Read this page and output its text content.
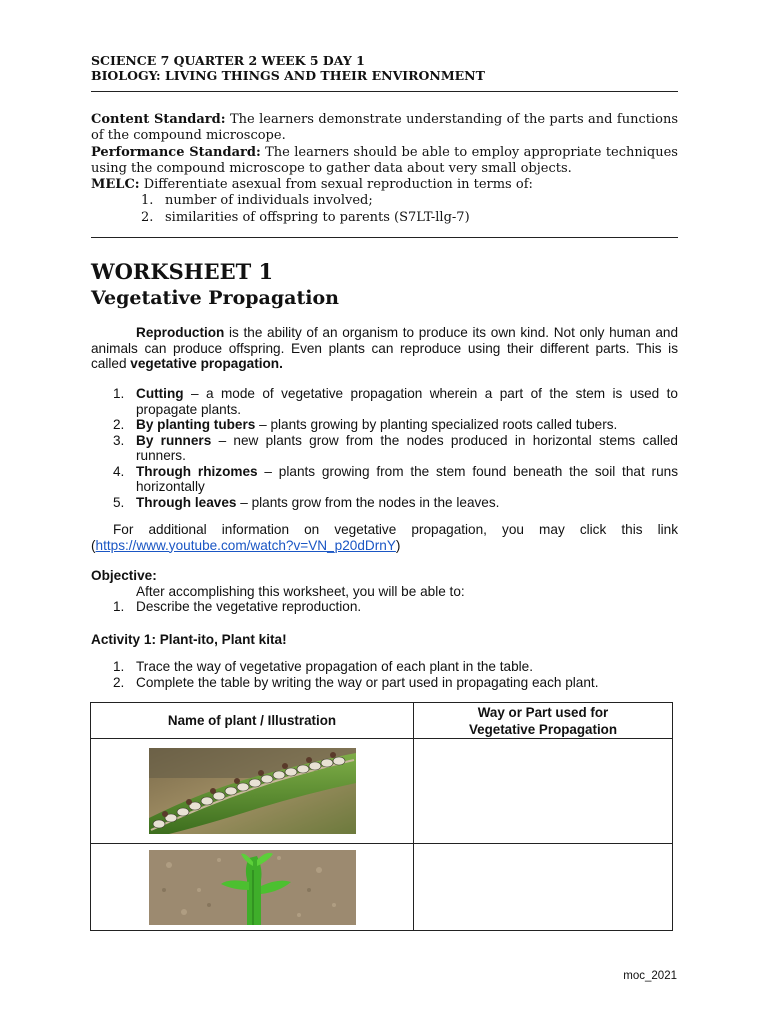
SCIENCE 7 QUARTER 2 WEEK 5 DAY 1
BIOLOGY: LIVING THINGS AND THEIR ENVIRONMENT

Content Standard: The learners demonstrate understanding of the parts and functions of the compound microscope.

Performance Standard: The learners should be able to employ appropriate techniques using the compound microscope to gather data about very small objects.

MELC: Differentiate asexual from sexual reproduction in terms of:

1. number of individuals involved;
2. similarities of offspring to parents (S7LT-llg-7)
WORKSHEET 1
Vegetative Propagation
Reproduction is the ability of an organism to produce its own kind. Not only human and animals can produce offspring. Even plants can reproduce using their different parts. This is called vegetative propagation.
1. Cutting – a mode of vegetative propagation wherein a part of the stem is used to propagate plants.
2. By planting tubers – plants growing by planting specialized roots called tubers.
3. By runners – new plants grow from the nodes produced in horizontal stems called runners.
4. Through rhizomes – plants growing from the stem found beneath the soil that runs horizontally
5. Through leaves – plants grow from the nodes in the leaves.
For additional information on vegetative propagation, you may click this link (https://www.youtube.com/watch?v=VN_p20dDrnY)
Objective:
After accomplishing this worksheet, you will be able to:
1. Describe the vegetative reproduction.
Activity 1: Plant-ito, Plant kita!
1. Trace the way of vegetative propagation of each plant in the table.
2. Complete the table by writing the way or part used in propagating each plant.
Name of plant / Illustration	Way or Part used for Vegetative Propagation

moc_2021
